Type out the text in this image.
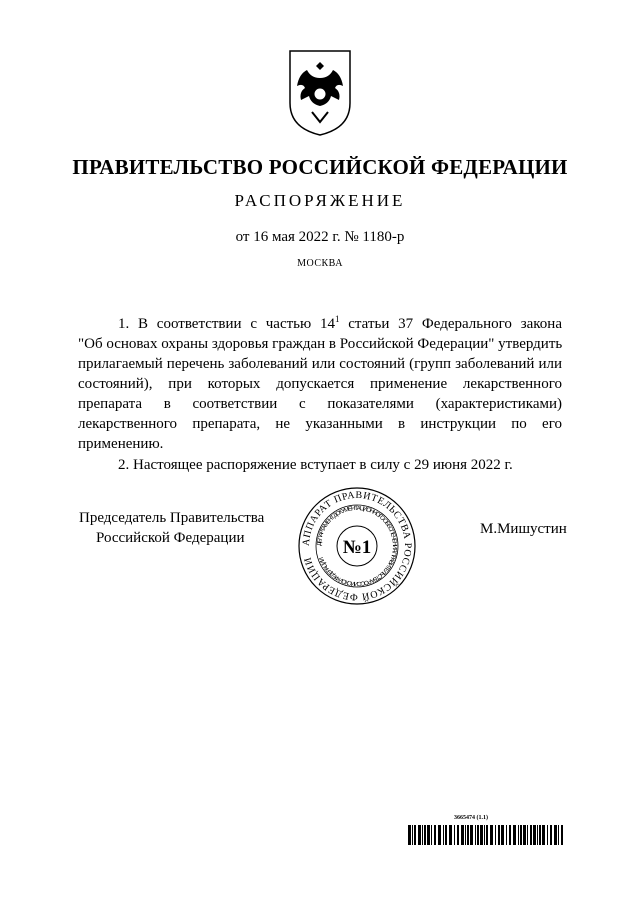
ПРАВИТЕЛЬСТВО РОССИЙСКОЙ ФЕДЕРАЦИИ
РАСПОРЯЖЕНИЕ
от 16 мая 2022 г. № 1180-р
МОСКВА
1. В соответствии с частью $14^1$ статьи 37 Федерального закона
"Об основах охраны здоровья граждан в Российской Федерации" утвердить
прилагаемый перечень заболеваний или состояний (групп заболеваний или
состояний), при которых допускается применение лекарственного
препарата в соответствии с показателями (характеристиками)
лекарственного препарата, не указанными в инструкции по его
применению.
2. Настоящее распоряжение вступает в силу с 29 июня 2022 г.
Председатель Правительства
Российской Федерации
М.Мишустин
АППАРАТ ПРАВИТЕЛЬСТВА РОССИЙСКОЙ ФЕДЕРАЦИИ
ДЕПАРТАМЕНТ ДОКУМЕНТАЦИОННОГО ОБЕСПЕЧЕНИЯ ПРАВИТЕЛЬСТВА РОССИЙСКОЙ ФЕДЕРАЦИИ
№1
3665474 (1.1)
